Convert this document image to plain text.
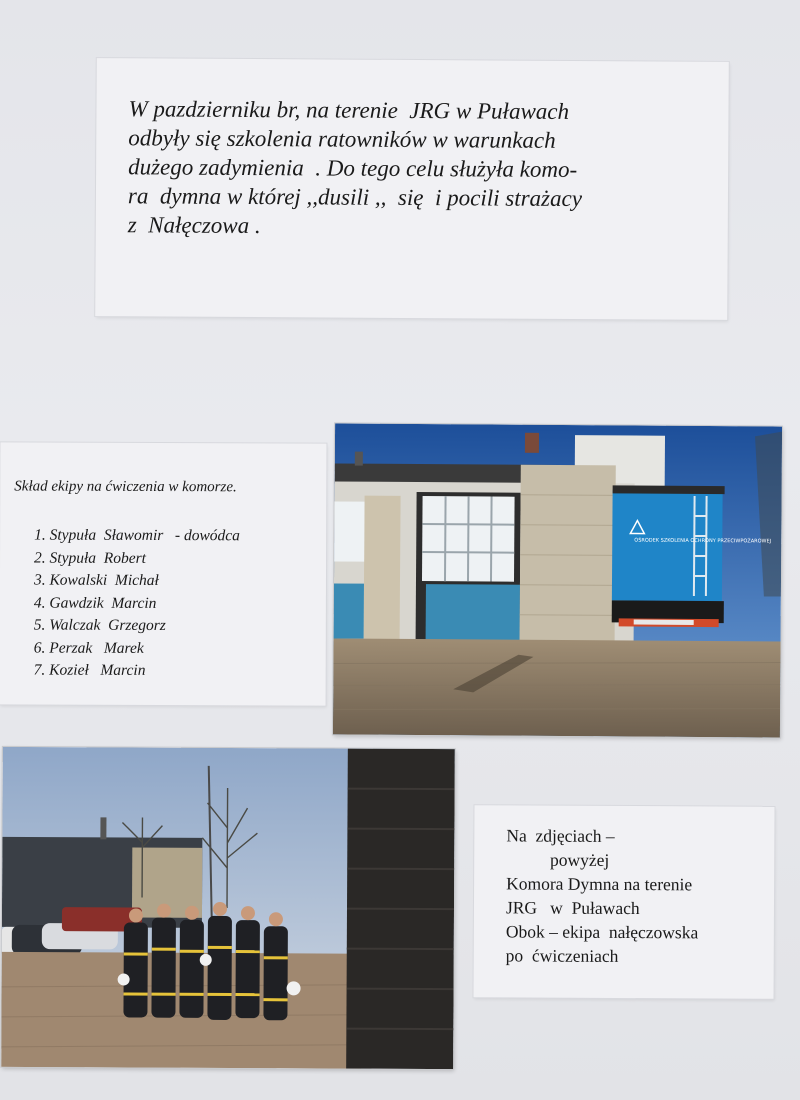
W pazdzierniku br, na terenie  JRG w Puławach
odbyły się szkolenia ratowników w warunkach
dużego zadymienia  . Do tego celu służyła komo-
ra  dymna w której ,,dusili ,,  się  i pocili strażacy
z  Nałęczowa .
Skład ekipy na ćwiczenia w komorze.
1. Stypuła  Sławomir   - dowódca
2. Stypuła  Robert
3. Kowalski  Michał
4. Gawdzik  Marcin
5. Walczak  Grzegorz
6. Perzak   Marek
7. Kozieł   Marcin
OŚRODEK SZKOLENIA OCHRONY PRZECIWPOŻAROWEJ
Na  zdjęciach –
powyżej
Komora Dymna na terenie
JRG   w  Puławach
Obok – ekipa  nałęczowska
po  ćwiczeniach
